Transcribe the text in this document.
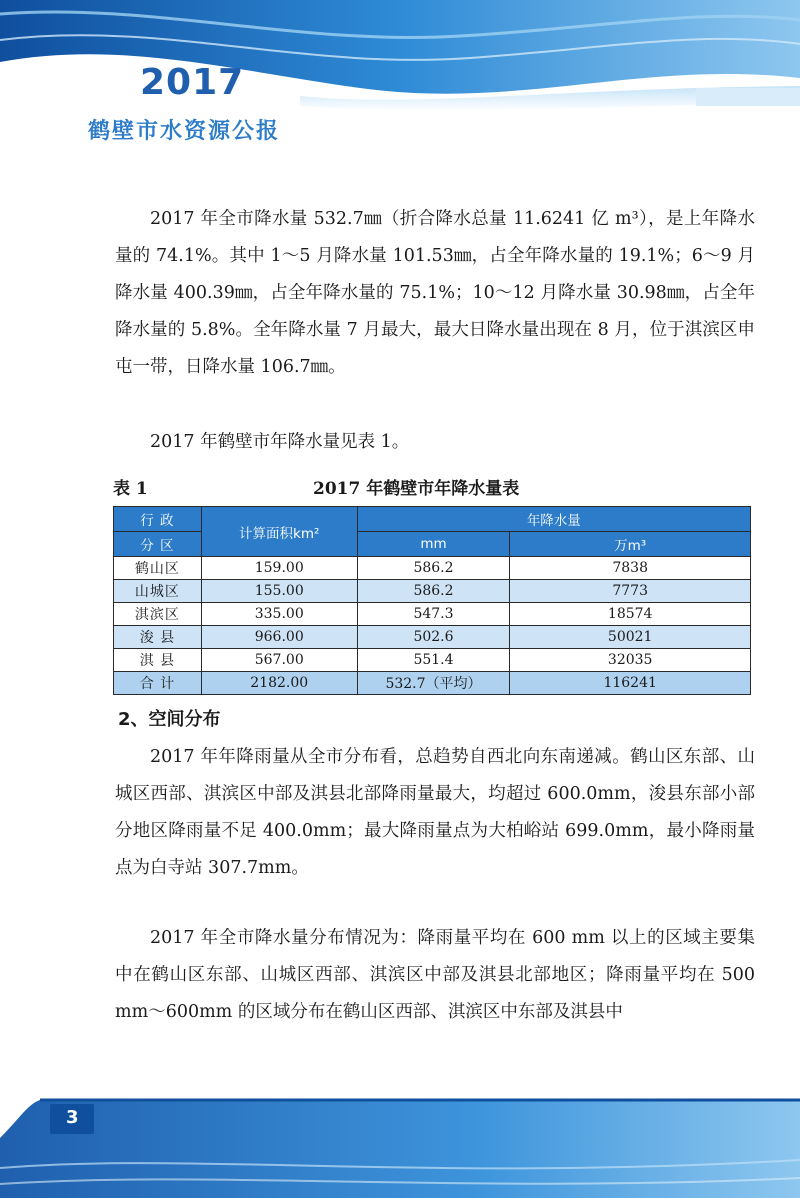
2017
鹤壁市水资源公报
2017 年全市降水量 532.7㎜（折合降水总量 11.6241 亿 m³），是上年降水量的 74.1%。其中 1～5 月降水量 101.53㎜，占全年降水量的 19.1%；6～9 月降水量 400.39㎜，占全年降水量的 75.1%；10～12 月降水量 30.98㎜，占全年降水量的 5.8%。全年降水量 7 月最大，最大日降水量出现在 8 月，位于淇滨区申屯一带，日降水量 106.7㎜。
2017 年鹤壁市年降水量见表 1。
表 1	2017 年鹤壁市年降水量表
行 政	计算面积km²	年降水量	
分 区		mm	万m³
鹤山区	159.00	586.2	7838
山城区	155.00	586.2	7773
淇滨区	335.00	547.3	18574
浚 县	966.00	502.6	50021
淇 县	567.00	551.4	32035
合 计	2182.00	532.7（平均）	116241
2、空间分布
2017 年年降雨量从全市分布看，总趋势自西北向东南递减。鹤山区东部、山城区西部、淇滨区中部及淇县北部降雨量最大，均超过 600.0mm，浚县东部小部分地区降雨量不足 400.0mm；最大降雨量点为大柏峪站 699.0mm，最小降雨量点为白寺站 307.7mm。
2017 年全市降水量分布情况为：降雨量平均在 600 mm 以上的区域主要集中在鹤山区东部、山城区西部、淇滨区中部及淇县北部地区；降雨量平均在 500 mm～600mm 的区域分布在鹤山区西部、淇滨区中东部及淇县中
3
